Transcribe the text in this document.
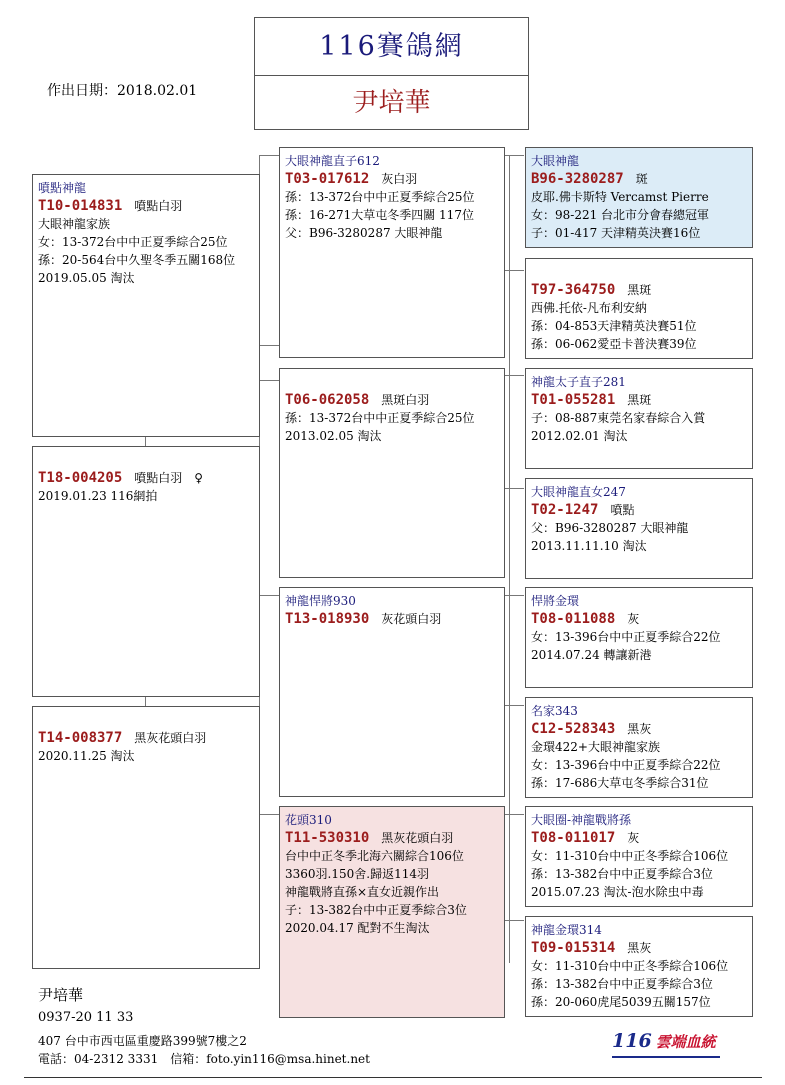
116賽鴿網
尹培華
作出日期：2018.02.01
噴點神龍
T10-014831 噴點白羽
大眼神龍家族
女：13-372台中中正夏季綜合25位
孫：20-564台中久聖冬季五關168位
2019.05.05 淘汰

T18-004205 噴點白羽　♀
2019.01.23 116網拍

T14-008377 黑灰花頭白羽
2020.11.25 淘汰
大眼神龍直子612
T03-017612 灰白羽
孫：13-372台中中正夏季綜合25位
孫：16-271大草屯冬季四關 117位
父：B96-3280287 大眼神龍

T06-062058 黑斑白羽
孫：13-372台中中正夏季綜合25位
2013.02.05 淘汰
神龍悍將930
T13-018930 灰花頭白羽
花頭310
T11-530310 黑灰花頭白羽
台中中正冬季北海六關綜合106位
3360羽.150舍.歸返114羽
神龍戰將直孫×直女近親作出
子：13-382台中中正夏季綜合3位
2020.04.17 配對不生淘汰
大眼神龍
B96-3280287 斑
皮耶.佛卡斯特 Vercamst Pierre
女：98-221 台北市分會春總冠軍
子：01-417 天津精英決賽16位

T97-364750 黑斑
西佛.托依-凡布利安納
孫：04-853天津精英決賽51位
孫：06-062愛亞卡普決賽39位
神龍太子直子281
T01-055281 黑斑
子：08-887東莞名家春綜合入賞
2012.02.01 淘汰
大眼神龍直女247
T02-1247 噴點
父：B96-3280287 大眼神龍
2013.11.11.10 淘汰
悍將金環
T08-011088 灰
女：13-396台中中正夏季綜合22位
2014.07.24 轉讓新港
名家343
C12-528343 黑灰
金環422+大眼神龍家族
女：13-396台中中正夏季綜合22位
孫：17-686大草屯冬季綜合31位
大眼圈-神龍戰將孫
T08-011017 灰
女：11-310台中中正冬季綜合106位
孫：13-382台中中正夏季綜合3位
2015.07.23 淘汰-泡水除虫中毒
神龍金環314
T09-015314 黑灰
女：11-310台中中正冬季綜合106位
孫：13-382台中中正夏季綜合3位
孫：20-060虎尾5039五關157位
尹培華
0937-20 11 33
407 台中市西屯區重慶路399號7樓之2
電話：04-2312 3331　信箱：foto.yin116@msa.hinet.net
116 雲端血統
